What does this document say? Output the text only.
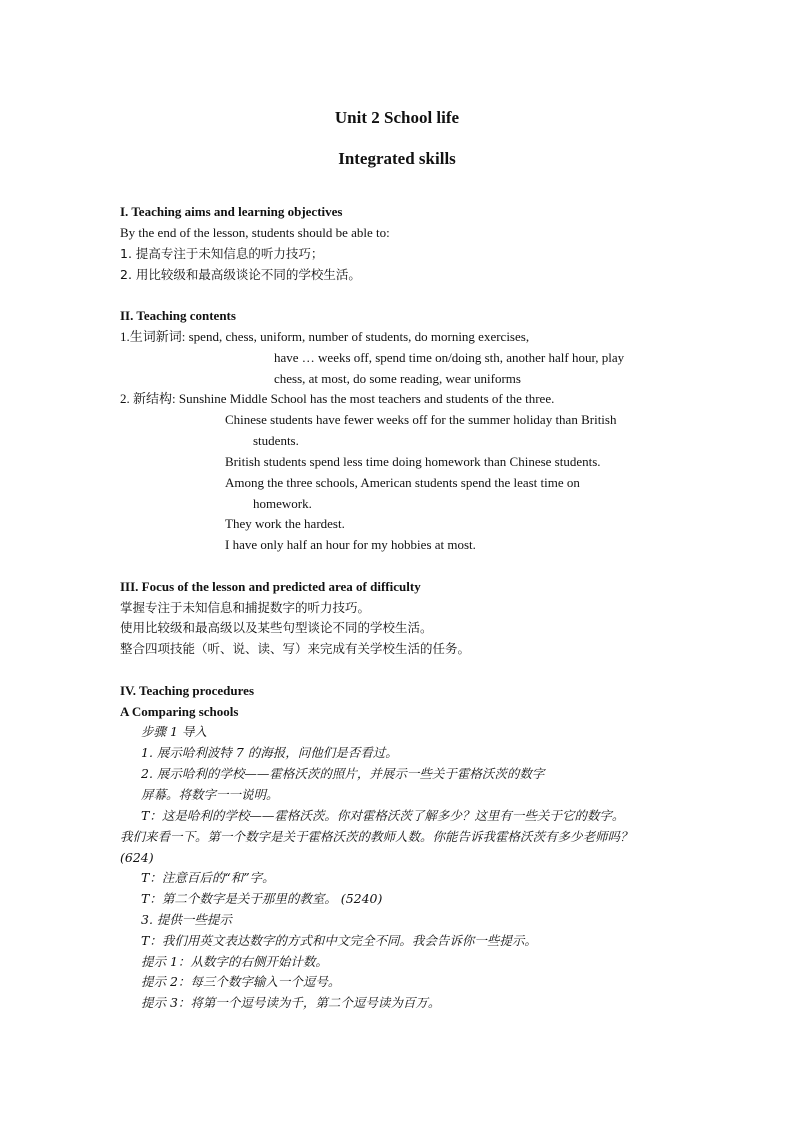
Unit 2 School life
Integrated skills
I. Teaching aims and learning objectives
By the end of the lesson, students should be able to:
1. 提高专注于未知信息的听力技巧；
2. 用比较级和最高级谈论不同的学校生活。
II. Teaching contents
1.生词新词: spend, chess, uniform, number of students, do morning exercises,
have … weeks off, spend time on/doing sth, another half hour, play
chess, at most, do some reading, wear uniforms
2. 新结构: Sunshine Middle School has the most teachers and students of the three.
Chinese students have fewer weeks off for the summer holiday than British
students.
British students spend less time doing homework than Chinese students.
Among the three schools, American students spend the least time on
homework.
They work the hardest.
I have only half an hour for my hobbies at most.
III. Focus of the lesson and predicted area of difficulty
掌握专注于未知信息和捕捉数字的听力技巧。
使用比较级和最高级以及某些句型谈论不同的学校生活。
整合四项技能（听、说、读、写）来完成有关学校生活的任务。
IV. Teaching procedures
A Comparing schools
步骤 1 导入
1. 展示哈利波特 7 的海报，问他们是否看过。
2. 展示哈利的学校——霍格沃茨的照片，并展示一些关于霍格沃茨的数字
屏幕。将数字一一说明。
T：这是哈利的学校——霍格沃茨。你对霍格沃茨了解多少？这里有一些关于它的数字。
我们来看一下。第一个数字是关于霍格沃茨的教师人数。你能告诉我霍格沃茨有多少老师吗？
(624)
T：注意百后的“和”字。
T：第二个数字是关于那里的教室。 (5240)
3. 提供一些提示
T：我们用英文表达数字的方式和中文完全不同。我会告诉你一些提示。
提示 1：从数字的右侧开始计数。
提示 2：每三个数字输入一个逗号。
提示 3：将第一个逗号读为千，第二个逗号读为百万。
